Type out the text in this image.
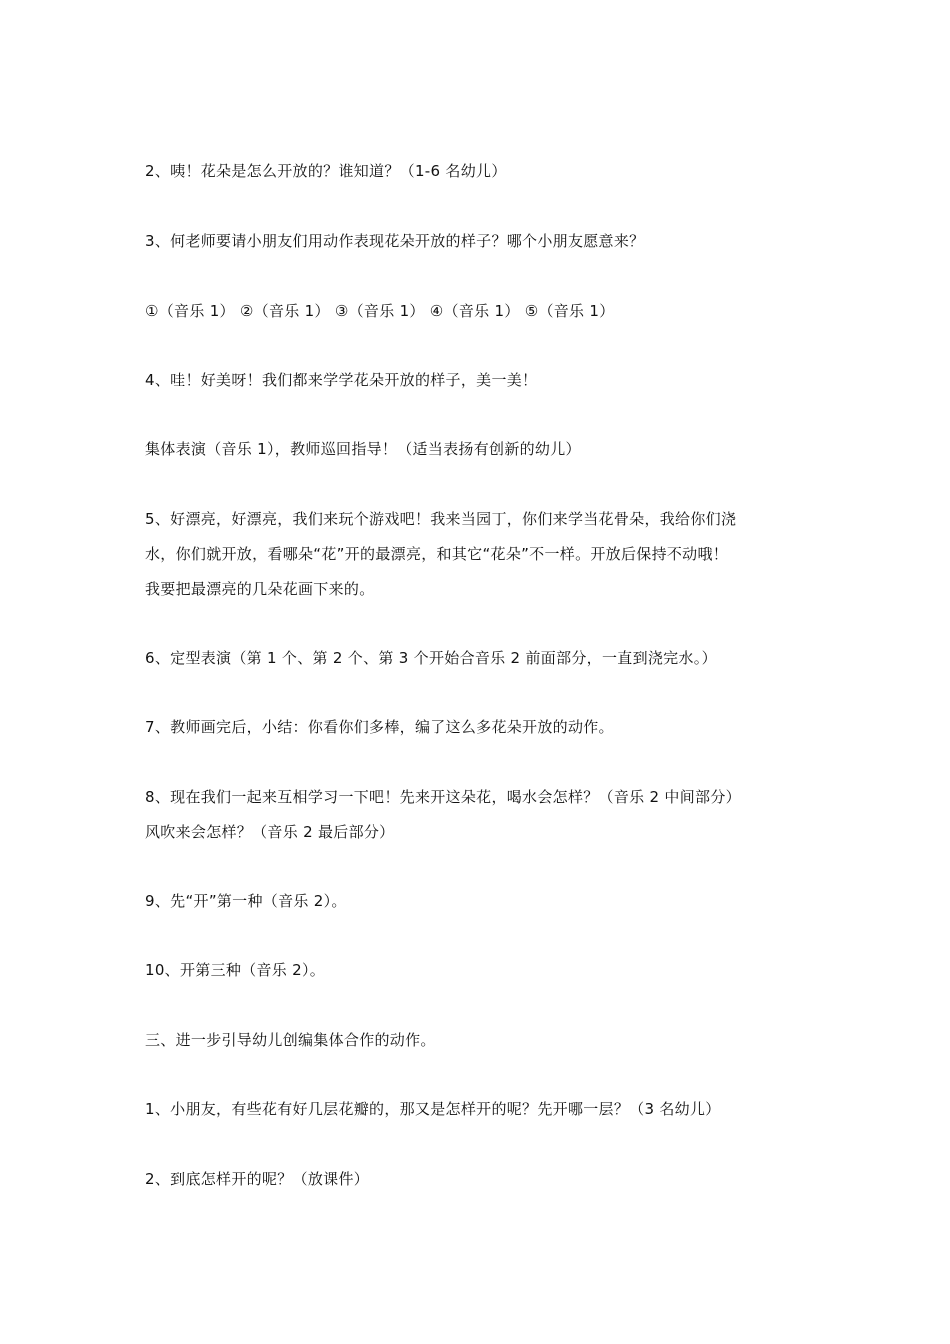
2、咦！花朵是怎么开放的？谁知道？（1-6 名幼儿）

3、何老师要请小朋友们用动作表现花朵开放的样子？哪个小朋友愿意来？

①（音乐 1） ②（音乐 1） ③（音乐 1） ④（音乐 1） ⑤（音乐 1）

4、哇！好美呀！我们都来学学花朵开放的样子，美一美！

集体表演（音乐 1），教师巡回指导！（适当表扬有创新的幼儿）

5、好漂亮，好漂亮，我们来玩个游戏吧！我来当园丁，你们来学当花骨朵，我给你们浇
水，你们就开放，看哪朵“花”开的最漂亮，和其它“花朵”不一样。开放后保持不动哦！
我要把最漂亮的几朵花画下来的。

6、定型表演（第 1 个、第 2 个、第 3 个开始合音乐 2 前面部分，一直到浇完水。）

7、教师画完后，小结：你看你们多棒，编了这么多花朵开放的动作。

8、现在我们一起来互相学习一下吧！先来开这朵花，喝水会怎样？（音乐 2 中间部分）
风吹来会怎样？（音乐 2 最后部分）

9、先“开”第一种（音乐 2）。

10、开第三种（音乐 2）。

三、进一步引导幼儿创编集体合作的动作。

1、小朋友，有些花有好几层花瓣的，那又是怎样开的呢？先开哪一层？（3 名幼儿）

2、到底怎样开的呢？（放课件）
